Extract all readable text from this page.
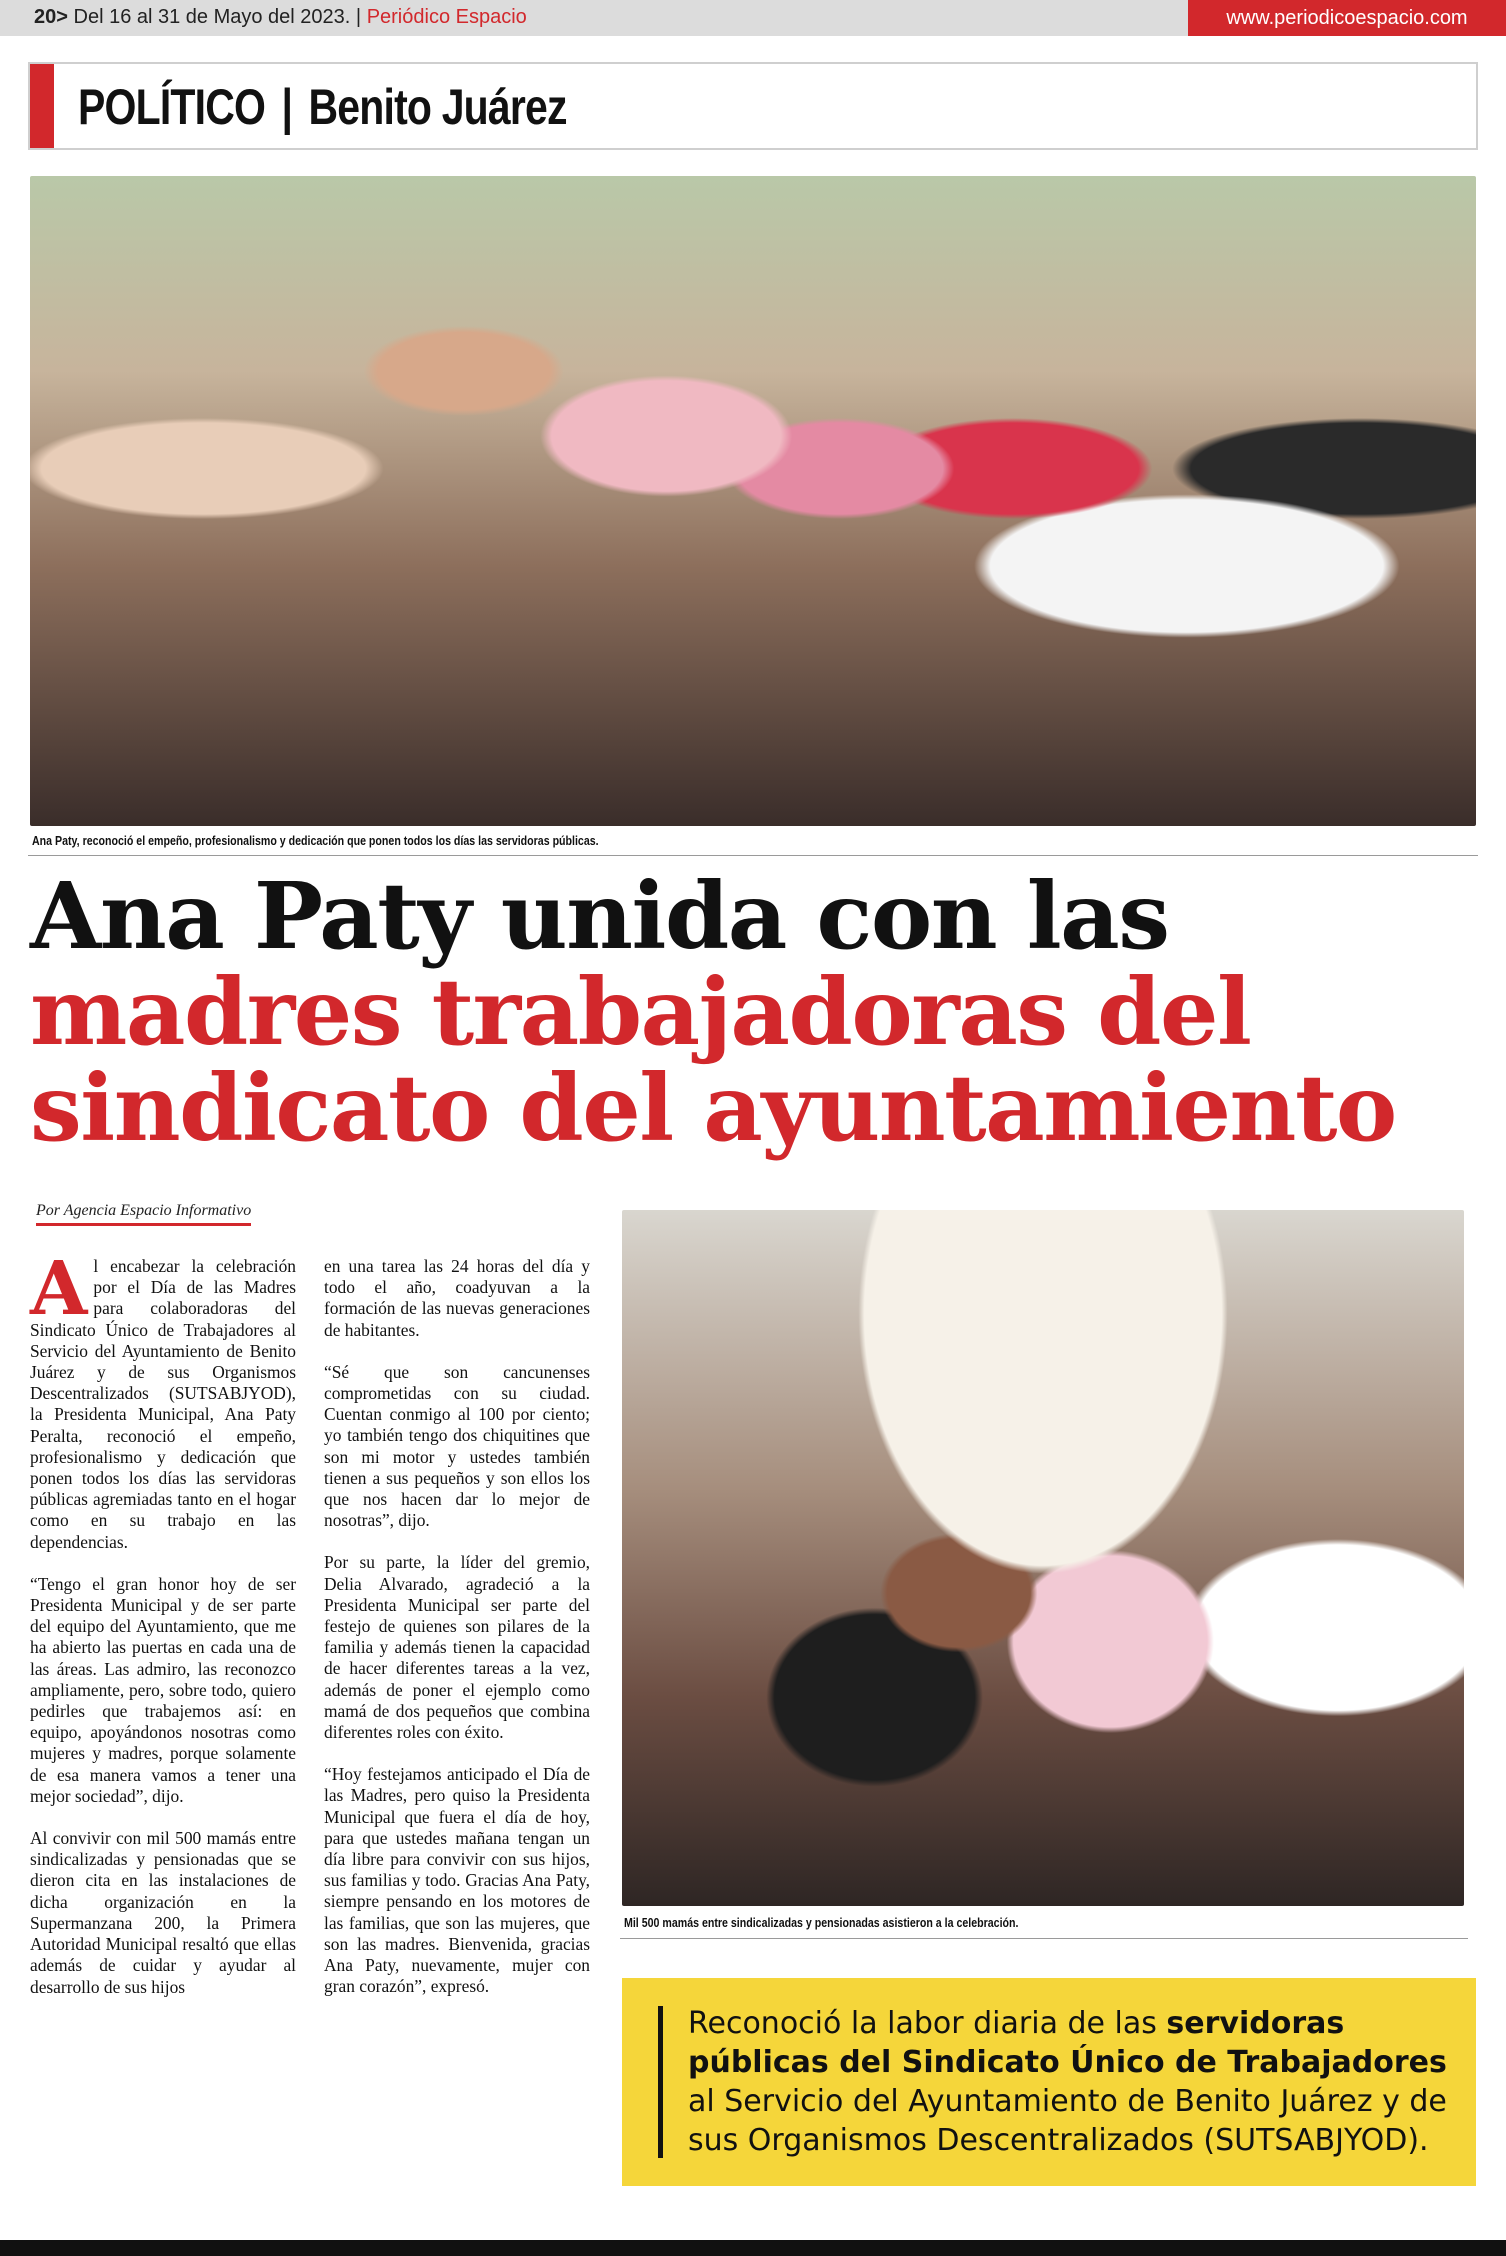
20> Del 16 al 31 de Mayo del 2023. | Periódico Espacio	www.periodicoespacio.com
POLÍTICO | Benito Juárez
Ana Paty, reconoció el empeño, profesionalismo y dedicación que ponen todos los días las servidoras públicas.
Ana Paty unida con las
madres trabajadoras del
sindicato del ayuntamiento
Por Agencia Espacio Informativo

Al encabezar la celebración por el Día de las Madres para colaboradoras del Sindicato Único de Trabajadores al Servicio del Ayuntamiento de Benito Juárez y de sus Organismos Descentralizados (SUTSABJYOD), la Presidenta Municipal, Ana Paty Peralta, reconoció el empeño, profesionalismo y dedicación que ponen todos los días las servidoras públicas agremiadas tanto en el hogar como en su trabajo en las dependencias.

“Tengo el gran honor hoy de ser Presidenta Municipal y de ser parte del equipo del Ayuntamiento, que me ha abierto las puertas en cada una de las áreas. Las admiro, las reconozco ampliamente, pero, sobre todo, quiero pedirles que trabajemos así: en equipo, apoyándonos nosotras como mujeres y madres, porque solamente de esa manera vamos a tener una mejor sociedad”, dijo.

Al convivir con mil 500 mamás entre sindicalizadas y pensionadas que se dieron cita en las instalaciones de dicha organización en la Supermanzana 200, la Primera Autoridad Municipal resaltó que ellas además de cuidar y ayudar al desarrollo de sus hijos

en una tarea las 24 horas del día y todo el año, coadyuvan a la formación de las nuevas generaciones de habitantes.

“Sé que son cancunenses comprometidas con su ciudad. Cuentan conmigo al 100 por ciento; yo también tengo dos chiquitines que son mi motor y ustedes también tienen a sus pequeños y son ellos los que nos hacen dar lo mejor de nosotras”, dijo.

Por su parte, la líder del gremio, Delia Alvarado, agradeció a la Presidenta Municipal ser parte del festejo de quienes son pilares de la familia y además tienen la capacidad de hacer diferentes tareas a la vez, además de poner el ejemplo como mamá de dos pequeños que combina diferentes roles con éxito.

“Hoy festejamos anticipado el Día de las Madres, pero quiso la Presidenta Municipal que fuera el día de hoy, para que ustedes mañana tengan un día libre para convivir con sus hijos, sus familias y todo. Gracias Ana Paty, siempre pensando en los motores de las familias, que son las mujeres, que son las madres. Bienvenida, gracias Ana Paty, nuevamente, mujer con gran corazón”, expresó.

Mil 500 mamás entre sindicalizadas y pensionadas asistieron a la celebración.
Reconoció la labor diaria de las servidoras públicas del Sindicato Único de Trabajadores al Servicio del Ayuntamiento de Benito Juárez y de sus Organismos Descentralizados (SUTSABJYOD).
